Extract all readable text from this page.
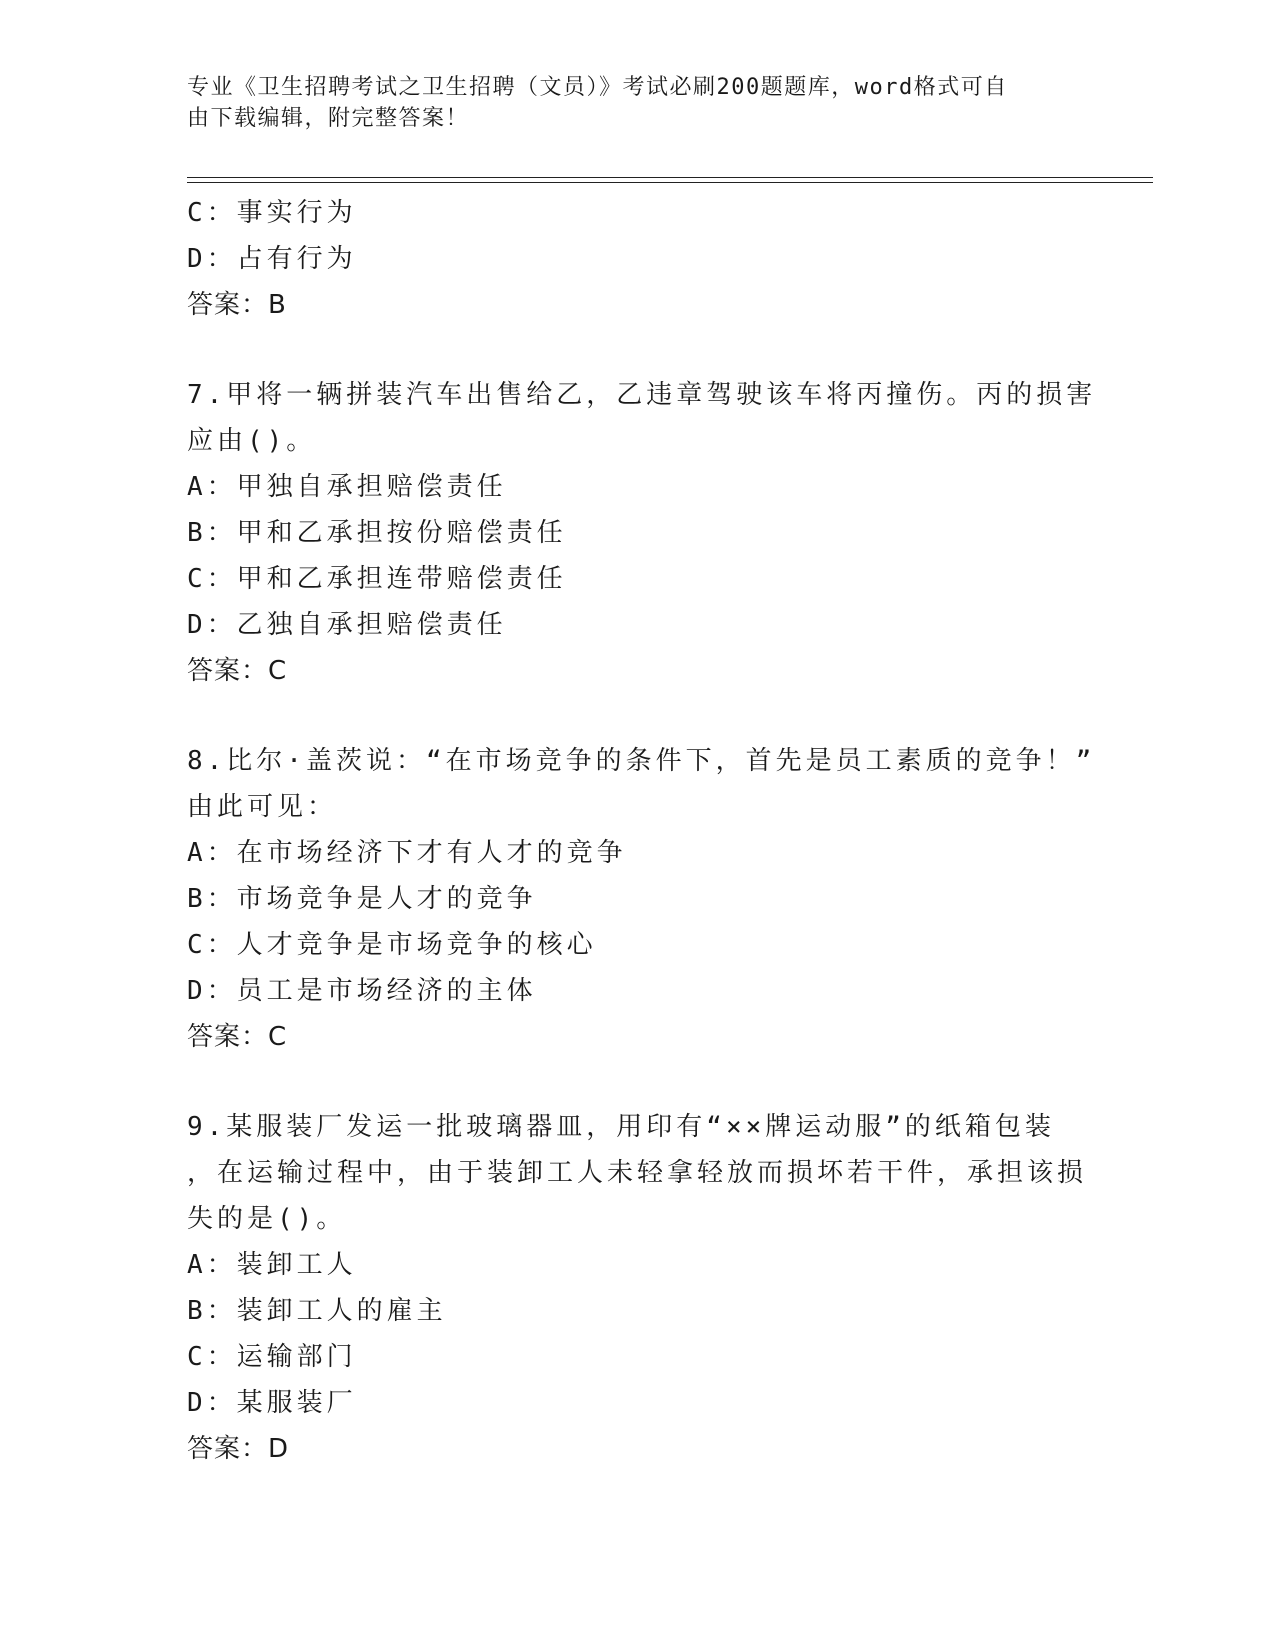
专业《卫生招聘考试之卫生招聘（文员）》考试必刷200题题库，word格式可自
由下载编辑，附完整答案！
C：事实行为
D：占有行为
答案：B
7.甲将一辆拼装汽车出售给乙，乙违章驾驶该车将丙撞伤。丙的损害
应由()。
A：甲独自承担赔偿责任
B：甲和乙承担按份赔偿责任
C：甲和乙承担连带赔偿责任
D：乙独自承担赔偿责任
答案：C
8.比尔·盖茨说：“在市场竞争的条件下，首先是员工素质的竞争！”
由此可见：
A：在市场经济下才有人才的竞争
B：市场竞争是人才的竞争
C：人才竞争是市场竞争的核心
D：员工是市场经济的主体
答案：C
9.某服装厂发运一批玻璃器皿，用印有“××牌运动服”的纸箱包装
，在运输过程中，由于装卸工人未轻拿轻放而损坏若干件，承担该损
失的是()。
A：装卸工人
B：装卸工人的雇主
C：运输部门
D：某服装厂
答案：D
